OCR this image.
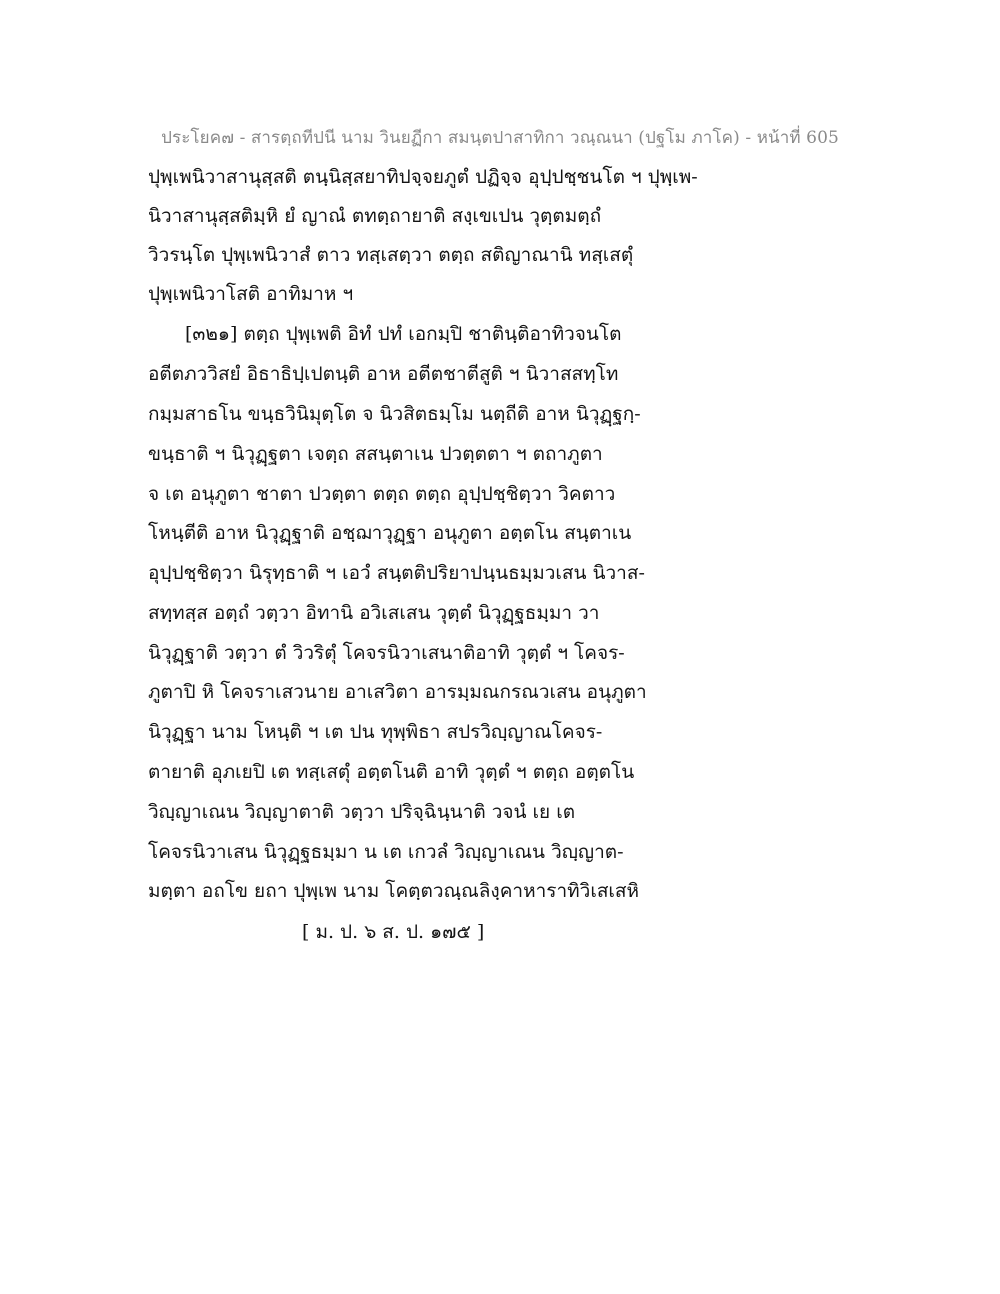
ประโยค๗ - สารตฺถทีปนี นาม วินยฏีกา สมนฺตปาสาทิกา วณฺณนา (ปฐโม ภาโค) - หน้าที่ 605
ปุพฺเพนิวาสานุสฺสติ ตนฺนิสฺสยาทิปจฺจยภูตํ ปฏิจฺจ อุปฺปชฺชนโต ฯ ปุพฺเพ-
นิวาสานุสฺสติมฺหิ ยํ ญาณํ ตทตฺถายาติ สงฺเขเปน วุตฺตมตฺถํ
วิวรนฺโต ปุพฺเพนิวาสํ ตาว ทสฺเสตฺวา ตตฺถ สติญาณานิ ทสฺเสตุํ
ปุพฺเพนิวาโสติ อาทิมาห ฯ
[๓๒๑] ตตฺถ ปุพฺเพติ อิทํ ปทํ เอกมฺปิ ชาตินฺติอาทิวจนโต
อตีตภววิสยํ อิธาธิปฺเปตนฺติ อาห อตีตชาตีสูติ ฯ นิวาสสทฺโท
กมฺมสาธโน ขนฺธวินิมุตฺโต จ นิวสิตธมฺโม นตฺถีติ อาห นิวุฏฺฐกฺ-
ขนฺธาติ ฯ นิวุฏฺฐตา เจตฺถ สสนฺตาเน ปวตฺตตา ฯ ตถาภูตา
จ เต อนุภูตา ชาตา ปวตฺตา ตตฺถ ตตฺถ อุปฺปชฺชิตฺวา วิคตาว
โหนฺตีติ อาห นิวุฏฺฐาติ อชฺฌาวุฏฺฐา อนุภูตา อตฺตโน สนฺตาเน
อุปฺปชฺชิตฺวา นิรุทฺธาติ ฯ เอวํ สนฺตติปริยาปนฺนธมฺมวเสน นิวาส-
สทฺทสฺส อตฺถํ วตฺวา อิทานิ อวิเสเสน วุตฺตํ นิวุฏฺฐธมฺมา วา
นิวุฏฺฐาติ วตฺวา ตํ วิวริตุํ โคจรนิวาเสนาติอาทิ วุตฺตํ ฯ โคจร-
ภูตาปิ หิ โคจราเสวนาย อาเสวิตา อารมฺมณกรณวเสน อนุภูตา
นิวุฏฺฐา นาม โหนฺติ ฯ เต ปน ทุพฺพิธา สปรวิญฺญาณโคจร-
ตายาติ อุภเยปิ เต ทสฺเสตุํ อตฺตโนติ อาทิ วุตฺตํ ฯ ตตฺถ อตฺตโน
วิญฺญาเณน วิญฺญาตาติ วตฺวา ปริจฺฉินฺนาติ วจนํ เย เต
โคจรนิวาเสน นิวุฏฺฐธมฺมา น เต เกวลํ วิญฺญาเณน วิญฺญาต-
มตฺตา อถโข ยถา ปุพฺเพ นาม โคตฺตวณฺณลิงฺคาหาราทิวิเสเสหิ
[ ม. ป. ๖ ส. ป. ๑๗๕ ]
